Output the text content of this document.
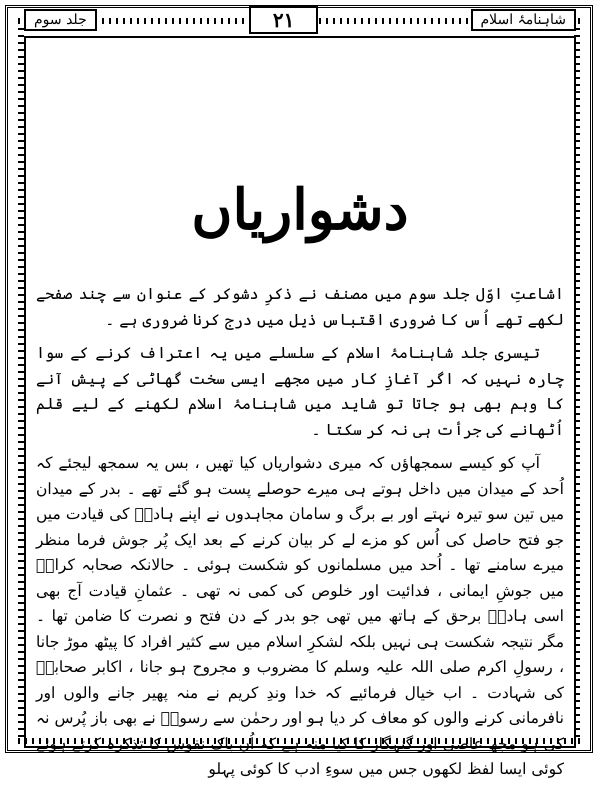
شاہنامۂ اسلام
۲۱
جلد سوم
دشواریاں

اشاعتِ اوّل جلد سوم میں مصنف نے ذکرِ دشوکر کے عنوان سے چند صفحے لکھے تھے اُس کا ضروری اقتباس ذیل میں درج کرنا ضروری ہے ۔

تیسری جلد شاہنامۂ اسلام کے سلسلے میں یہ اعتراف کرنے کے سوا چارہ نہیں کہ اگر آغازِ کار میں مجھے ایسی سخت گھاٹی کے پیش آنے کا وہم بھی ہو جاتا تو شاید میں شاہنامۂ اسلام لکھنے کے لیے قلم اُٹھانے کی جرأت ہی نہ کر سکتا ۔

آپ کو کیسے سمجھاؤں کہ میری دشواریاں کیا تھیں ، بس یہ سمجھ لیجئے کہ اُحد کے میدان میں داخل ہوتے ہی میرے حوصلے پست ہو گئے تھے ۔ بدر کے میدان میں تین سو تیرہ نہتے اور بے برگ و سامان مجاہدوں نے اپنے ہادیؐ کی قیادت میں جو فتح حاصل کی اُس کو مزے لے کر بیان کرنے کے بعد ایک پُر جوش فرما منظر میرے سامنے تھا ۔ اُحد میں مسلمانوں کو شکست ہوئی ۔ حالانکہ صحابہ کرامؓ میں جوشِ ایمانی ، فدائیت اور خلوص کی کمی نہ تھی ۔ عثمانِ قیادت آج بھی اسی ہادیؐ برحق کے ہاتھ میں تھی جو بدر کے دن فتح و نصرت کا ضامن تھا ۔ مگر نتیجہ شکست ہی نہیں بلکہ لشکرِ اسلام میں سے کثیر افراد کا پیٹھ موڑ جانا ، رسولِ اکرم صلی اللہ علیہ وسلم کا مضروب و مجروح ہو جانا ، اکابر صحابہؓ کی شہادت ۔ اب خیال فرمائیے کہ خدا وندِ کریم نے منہ پھیر جانے والوں اور نافرمانی کرنے والوں کو معاف کر دیا ہو اور رحمٰن سے رسولؐ نے بھی باز پُرس نہ کی ہو مجھ عاصی اور گنہگار کا کیا منہ ہے کہ اُن پاک نفوس کا تذکرہ کرتے ہوئے کوئی ایسا لفظ لکھوں جس میں سوءِ ادب کا کوئی پہلو
